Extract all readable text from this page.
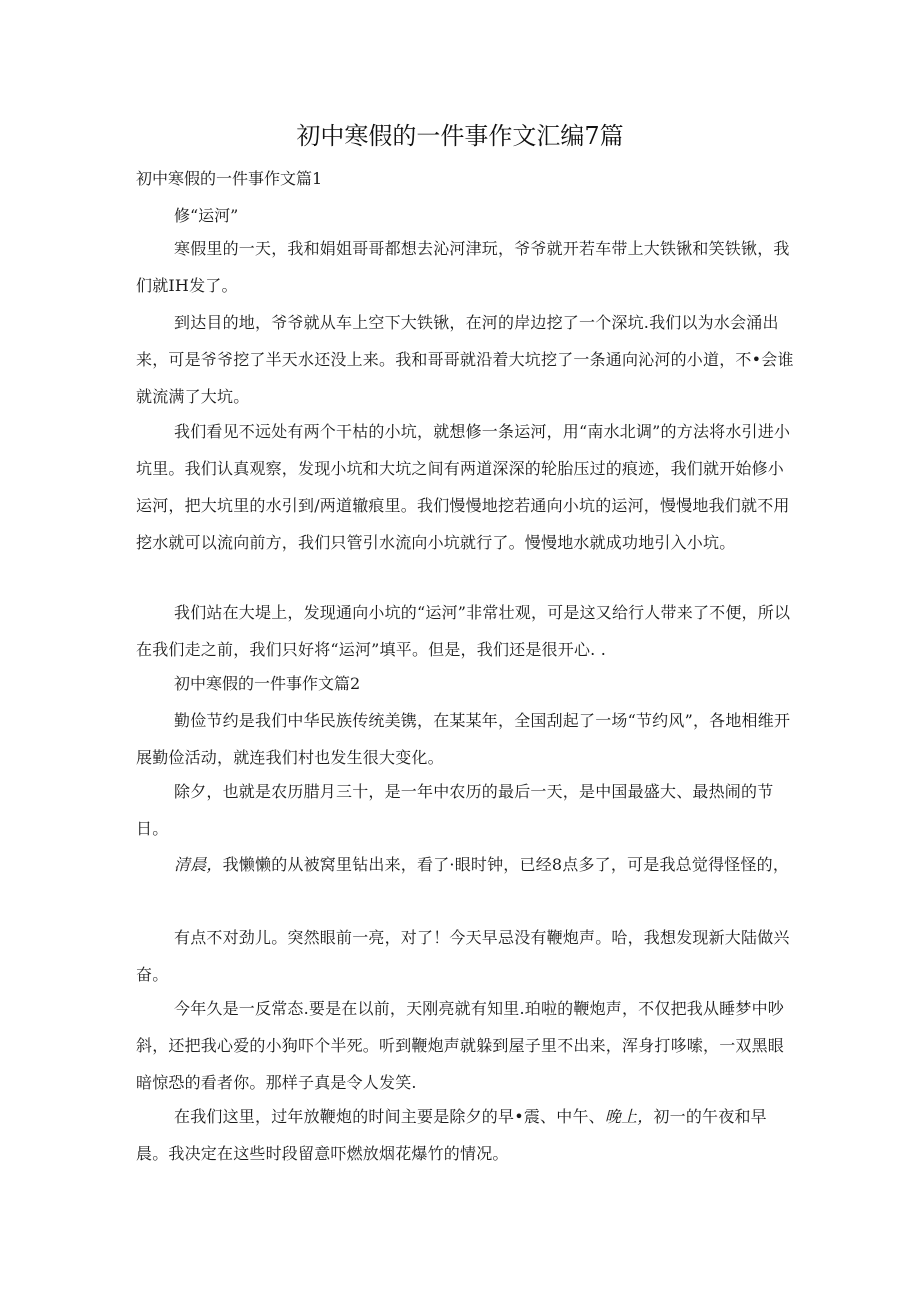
初中寒假的一件事作文汇编7篇
初中寒假的一件事作文篇1
修“运河”
寒假里的一天，我和娟姐哥哥都想去沁河津玩，爷爷就开若车带上大铁锹和笑铁锹，我们就IH发了。
到达目的地，爷爷就从车上空下大铁锹，在河的岸边挖了一个深坑.我们以为水会涌出来，可是爷爷挖了半天水还没上来。我和哥哥就沿着大坑挖了一条通向沁河的小道，不•会谁就流满了大坑。
我们看见不远处有两个干枯的小坑，就想修一条运河，用“南水北调”的方法将水引进小坑里。我们认真观察，发现小坑和大坑之间有两道深深的轮胎压过的痕迹，我们就开始修小运河，把大坑里的水引到/两道辙痕里。我们慢慢地挖若通向小坑的运河，慢慢地我们就不用挖水就可以流向前方，我们只管引水流向小坑就行了。慢慢地水就成功地引入小坑。
我们站在大堤上，发现通向小坑的“运河”非常壮观，可是这又给行人带来了不便，所以在我们走之前，我们只好将“运河”填平。但是，我们还是很开心. .
初中寒假的一件事作文篇2
勤俭节约是我们中华民族传统美镌，在某某年，全国刮起了一场“节约风”，各地相维开展勤俭活动，就连我们村也发生很大变化。
除夕，也就是农历腊月三十，是一年中农历的最后一天，是中国最盛大、最热闹的节日。
清晨，我懒懒的从被窝里钻出来，看了·眼时钟，已经8点多了，可是我总觉得怪怪的，
有点不对劲儿。突然眼前一亮，对了！今天早忌没有鞭炮声。哈，我想发现新大陆做兴奋。
今年久是一反常态.要是在以前，天刚亮就有知里.珀啦的鞭炮声，不仅把我从睡梦中吵斜，还把我心爱的小狗吓个半死。听到鞭炮声就躲到屋子里不出来，浑身打哆嗦，一双黑眼暗惊恐的看者你。那样子真是令人发笑.
在我们这里，过年放鞭炮的时间主要是除夕的早•震、中午、晚上，初一的午夜和早晨。我决定在这些时段留意吓燃放烟花爆竹的情况。
